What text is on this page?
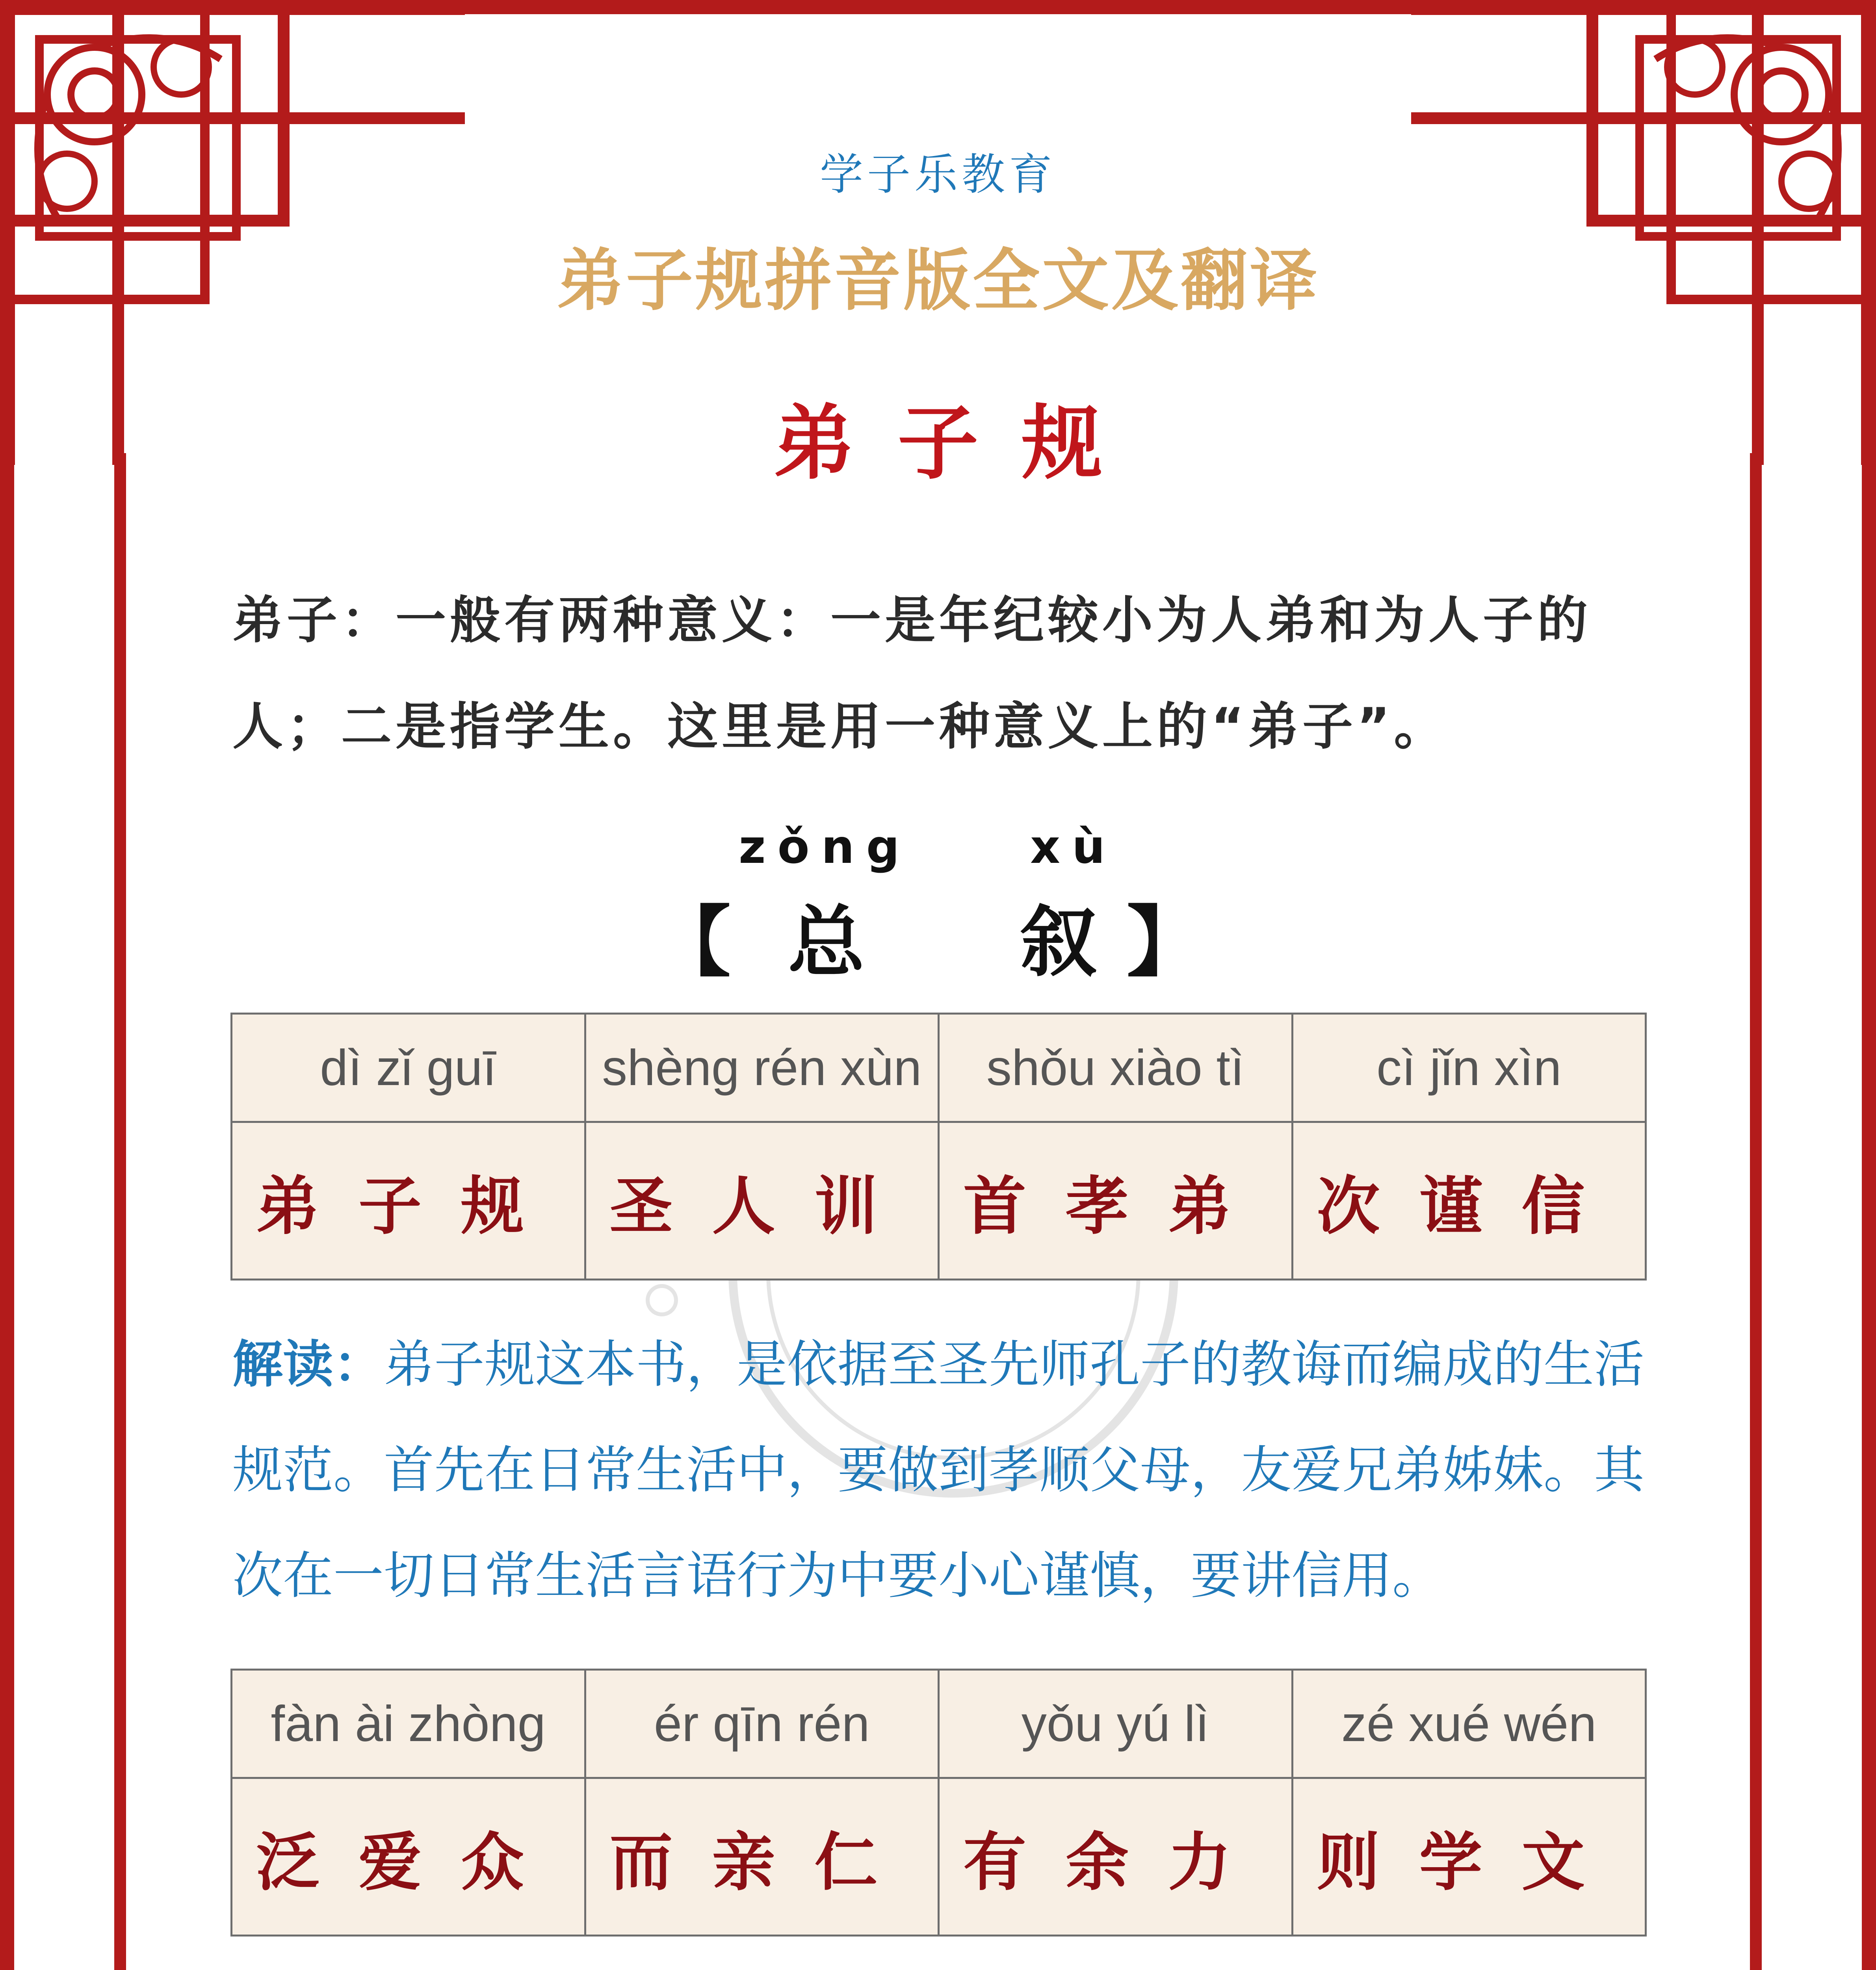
学子乐教育
弟子规拼音版全文及翻译
弟子规
弟子：一般有两种意义：一是年纪较小为人弟和为人子的人；二是指学生。这里是用一种意义上的“弟子”。
zǒng	xù
【 总 叙 】
dì zǐ guī	shèng rén xùn	shǒu xiào tì	cì jǐn xìn
弟子规	圣人训	首孝弟	次谨信
解读：弟子规这本书，是依据至圣先师孔子的教诲而编成的生活规范。首先在日常生活中，要做到孝顺父母，友爱兄弟姊妹。其次在一切日常生活言语行为中要小心谨慎，要讲信用。
fàn ài zhòng	ér qīn rén	yǒu yú lì	zé xué wén
泛爱众	而亲仁	有余力	则学文
